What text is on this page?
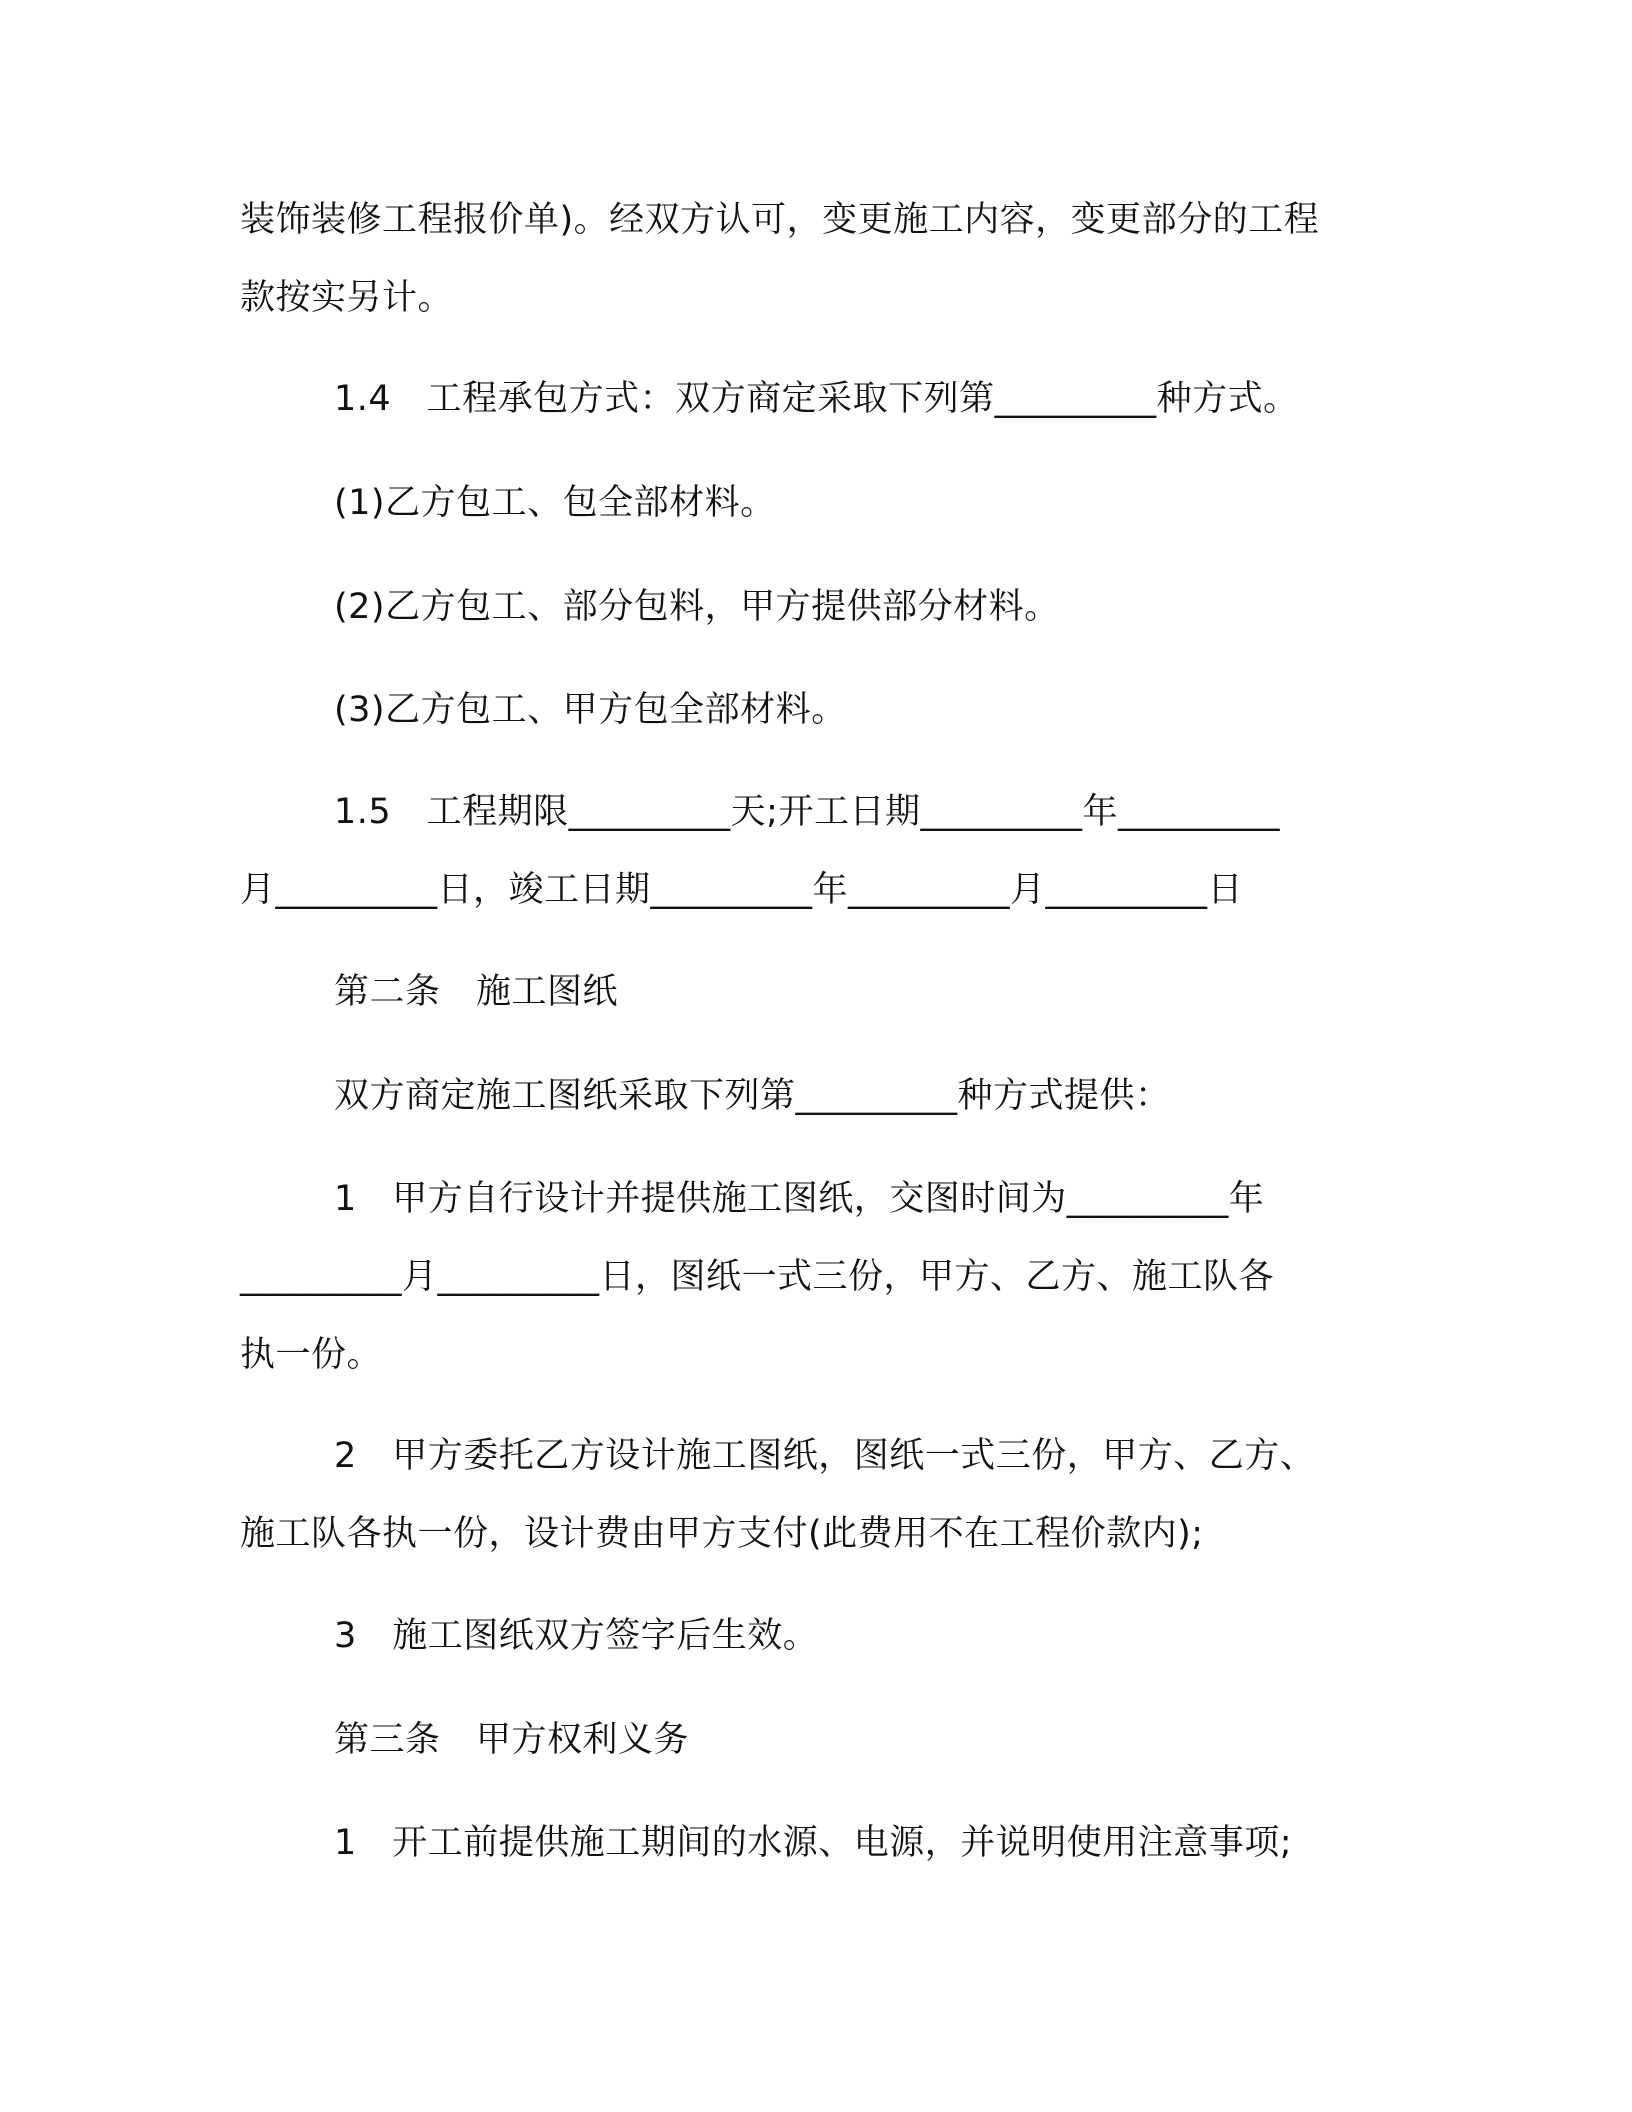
装饰装修工程报价单)。经双方认可，变更施工内容，变更部分的工程
款按实另计。
1.4　工程承包方式：双方商定采取下列第_________种方式。
(1)乙方包工、包全部材料。
(2)乙方包工、部分包料，甲方提供部分材料。
(3)乙方包工、甲方包全部材料。
1.5　工程期限_________天;开工日期_________年_________
月_________日，竣工日期_________年_________月_________日
第二条　施工图纸
双方商定施工图纸采取下列第_________种方式提供：
1　甲方自行设计并提供施工图纸，交图时间为_________年
_________月_________日，图纸一式三份，甲方、乙方、施工队各
执一份。
2　甲方委托乙方设计施工图纸，图纸一式三份，甲方、乙方、
施工队各执一份，设计费由甲方支付(此费用不在工程价款内);
3　施工图纸双方签字后生效。
第三条　甲方权利义务
1　开工前提供施工期间的水源、电源，并说明使用注意事项;
